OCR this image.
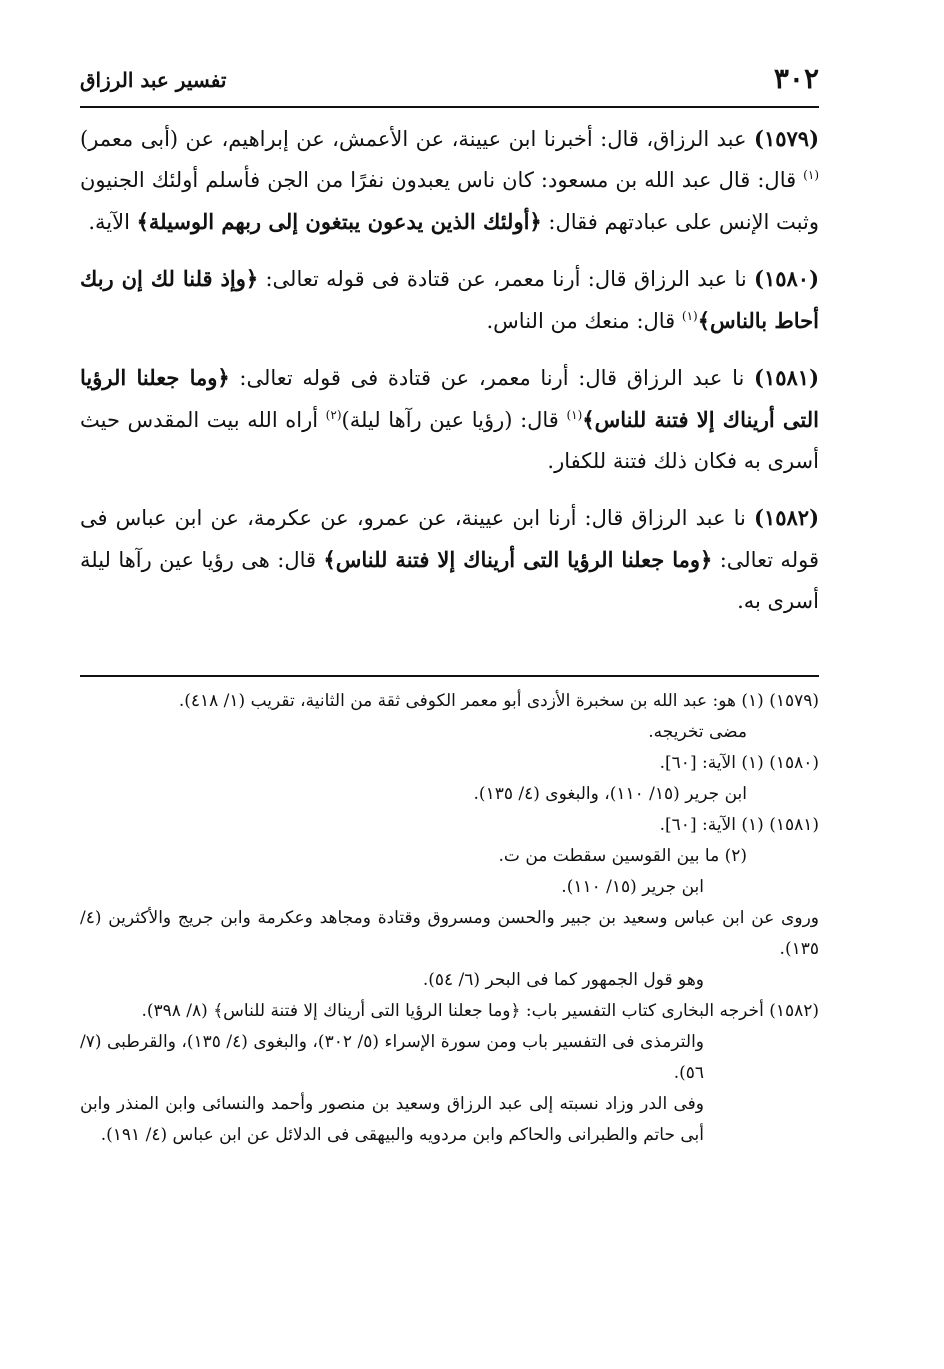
٣٠٢
تفسير عبد الرزاق

(١٥٧٩) عبد الرزاق، قال: أخبرنا ابن عيينة، عن الأعمش، عن إبراهيم، عن (أبى معمر)$^{(١)}$ قال: قال عبد الله بن مسعود: كان ناس يعبدون نفرًا من الجن فأسلم أولئك الجنيون وثبت الإنس على عبادتهم فقال: ﴿أولئك الذين يدعون يبتغون إلى ربهم الوسيلة﴾ الآية.

(١٥٨٠) نا عبد الرزاق قال: أرنا معمر، عن قتادة فى قوله تعالى: ﴿وإذ قلنا لك إن ربك أحاط بالناس﴾$^{(١)}$ قال: منعك من الناس.

(١٥٨١) نا عبد الرزاق قال: أرنا معمر، عن قتادة فى قوله تعالى: ﴿وما جعلنا الرؤيا التى أريناك إلا فتنة للناس﴾$^{(١)}$ قال: (رؤيا عين رآها ليلة)$^{(٢)}$ أراه الله بيت المقدس حيث أسرى به فكان ذلك فتنة للكفار.

(١٥٨٢) نا عبد الرزاق قال: أرنا ابن عيينة، عن عمرو، عن عكرمة، عن ابن عباس فى قوله تعالى: ﴿وما جعلنا الرؤيا التى أريناك إلا فتنة للناس﴾ قال: هى رؤيا عين رآها ليلة أسرى به.

(١٥٧٩) (١) هو: عبد الله بن سخبرة الأزدى أبو معمر الكوفى ثقة من الثانية، تقريب (١/ ٤١٨).

مضى تخريجه.

(١٥٨٠) (١) الآية: [٦٠].

ابن جرير (١٥/ ١١٠)، والبغوى (٤/ ١٣٥).

(١٥٨١) (١) الآية: [٦٠].

(٢) ما بين القوسين سقطت من ت.

ابن جرير (١٥/ ١١٠).

وروى عن ابن عباس وسعيد بن جبير والحسن ومسروق وقتادة ومجاهد وعكرمة وابن جريج والأكثرين (٤/ ١٣٥).

وهو قول الجمهور كما فى البحر (٦/ ٥٤).

(١٥٨٢) أخرجه البخارى كتاب التفسير باب: ﴿وما جعلنا الرؤيا التى أريناك إلا فتنة للناس﴾ (٨/ ٣٩٨).

والترمذى فى التفسير باب ومن سورة الإسراء (٥/ ٣٠٢)، والبغوى (٤/ ١٣٥)، والقرطبى (٧/ ٥٦).

وفى الدر وزاد نسبته إلى عبد الرزاق وسعيد بن منصور وأحمد والنسائى وابن المنذر وابن أبى حاتم والطبرانى والحاكم وابن مردويه والبيهقى فى الدلائل عن ابن عباس (٤/ ١٩١).
